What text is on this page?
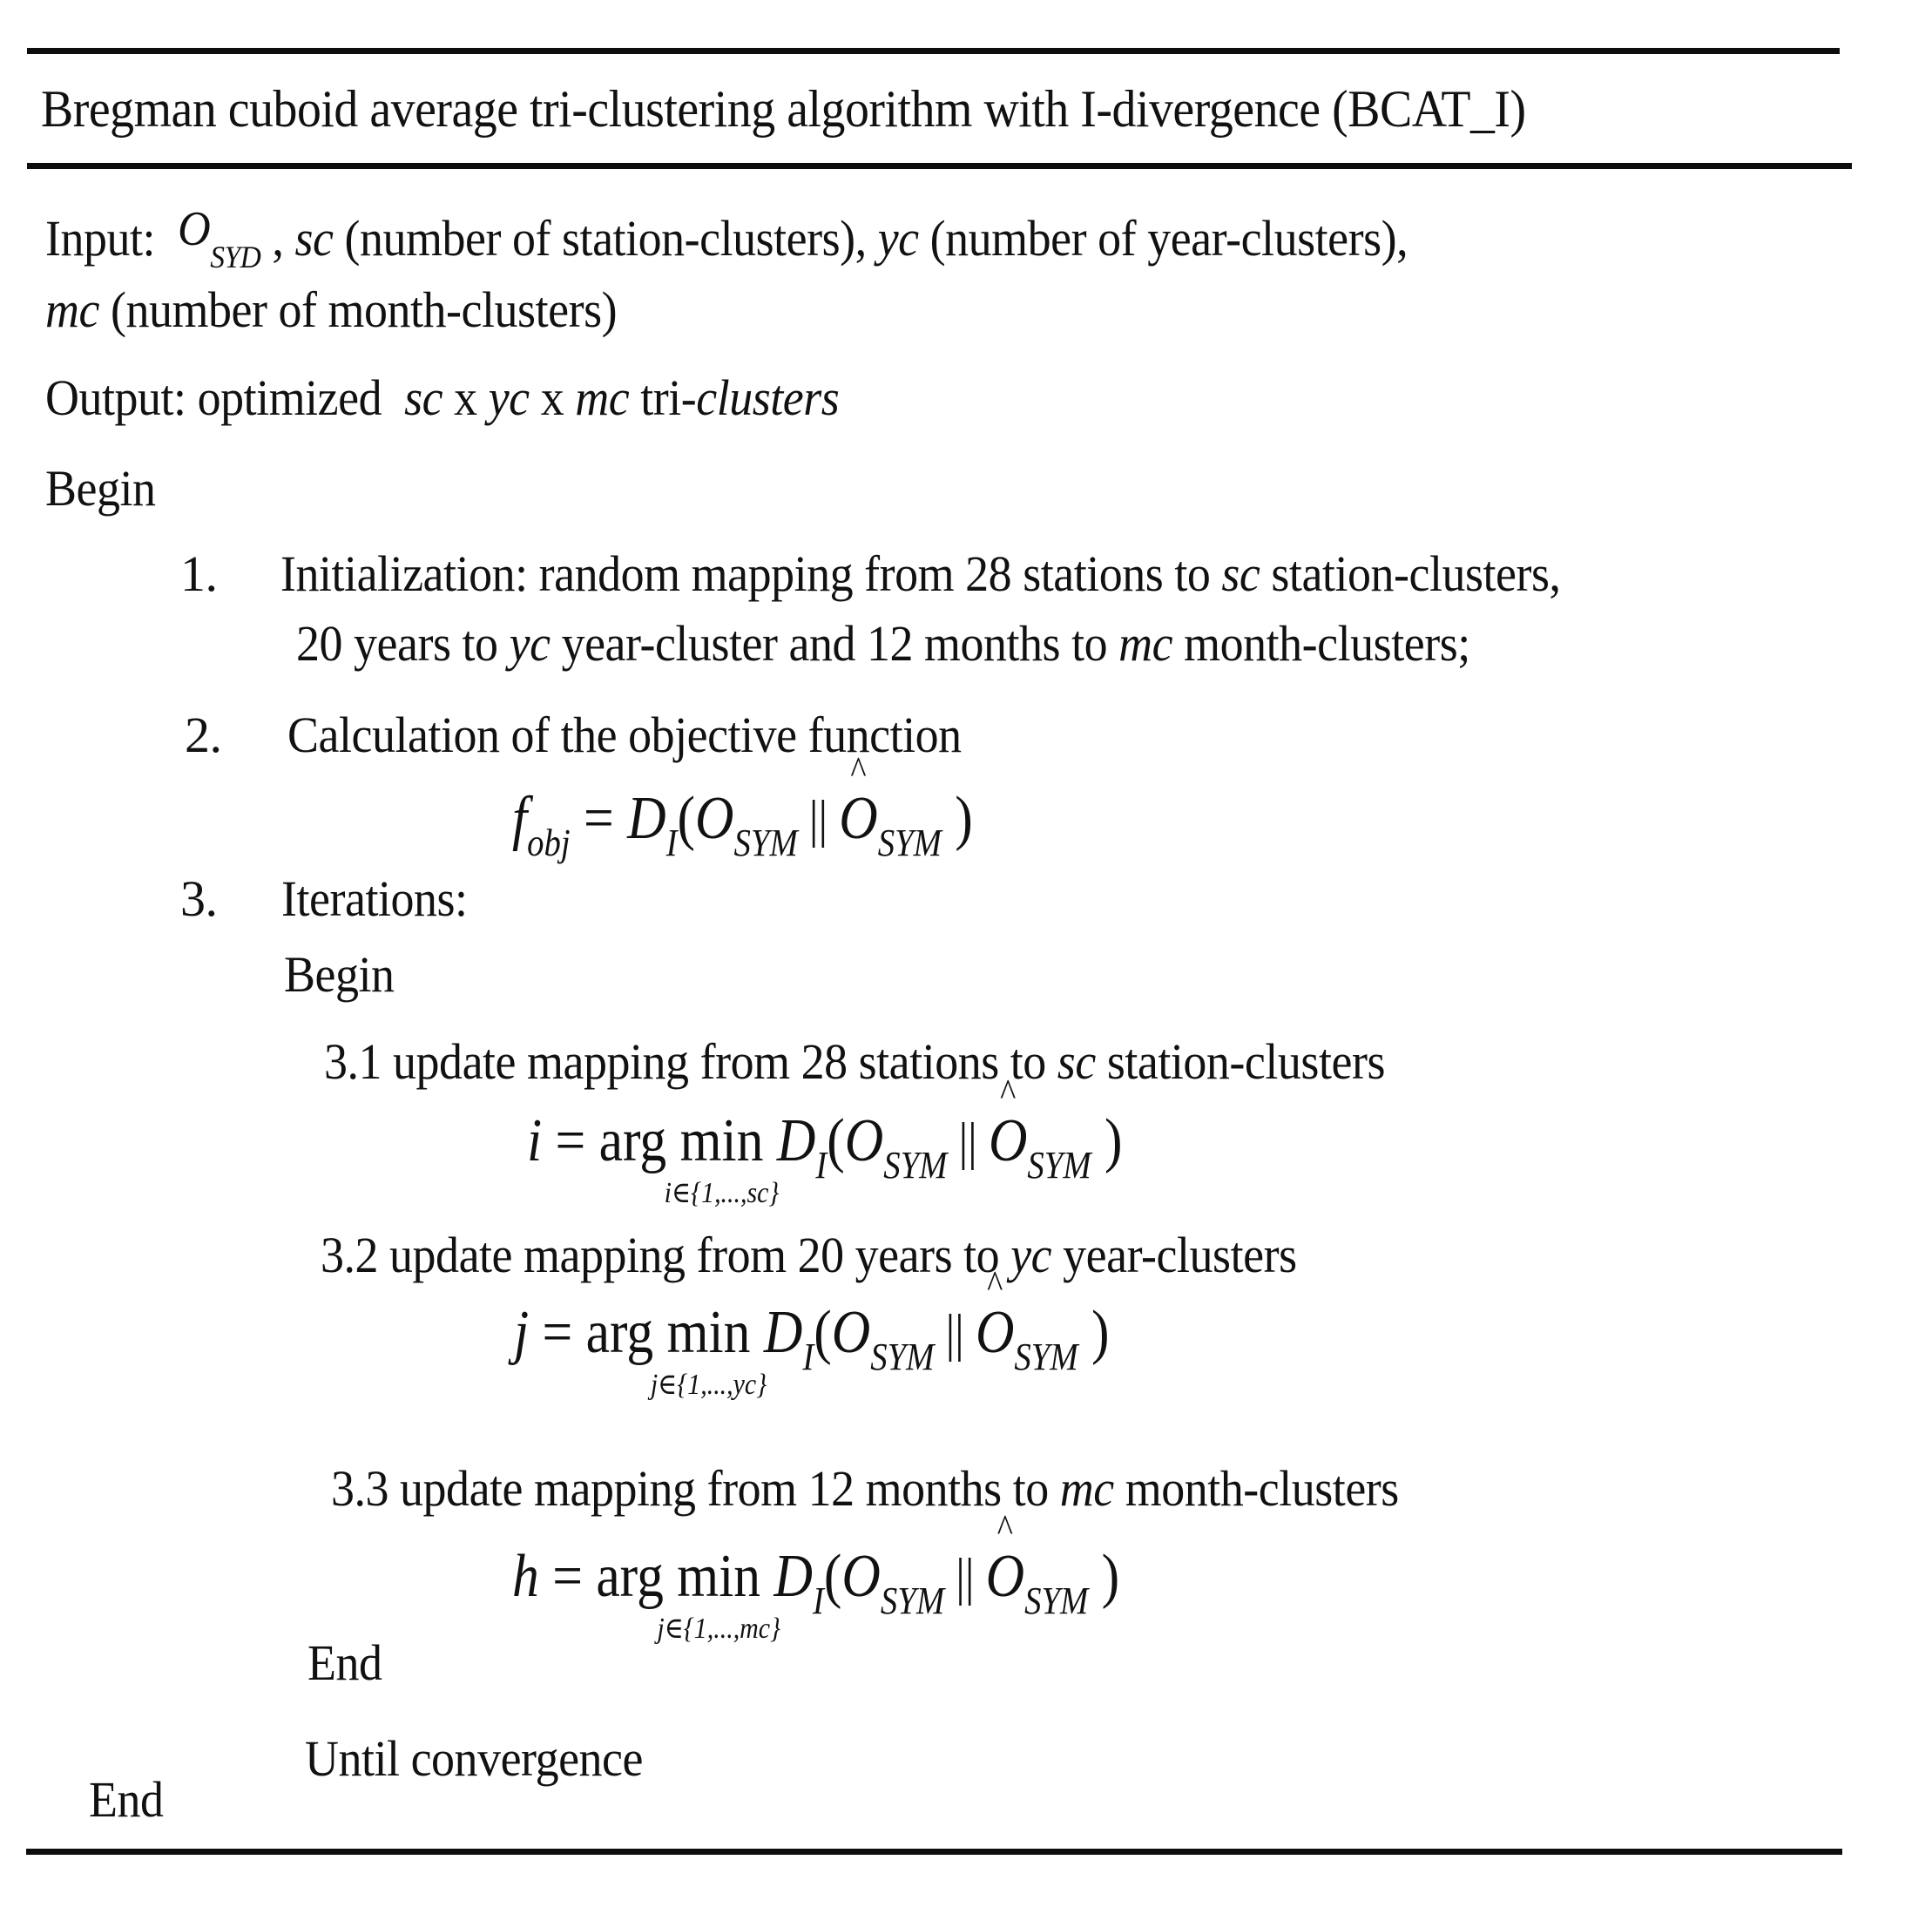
Bregman cuboid average tri-clustering algorithm with I-divergence (BCAT_I)
Input: $O_{SYD}$ , sc (number of station-clusters), yc (number of year-clusters),
mc (number of month-clusters)
Output: optimized  sc x yc x mc tri-clusters
Begin
1. Initialization: random mapping from 28 stations to sc station-clusters,
20 years to yc year-cluster and 12 months to mc month-clusters;
2. Calculation of the objective function
$f_{obj} = D_I(O_{SYM}$ || ^ $O_{SYM}$ )
3. Iterations:
Begin
3.1 update mapping from 28 stations to sc station-clusters
i = arg min
i∈{1,...,sc}
$D_I(O_{SYM}$ || ^ $O_{SYM}$ )
3.2 update mapping from 20 years to yc year-clusters
j = arg min
j∈{1,...,yc}
$D_I(O_{SYM}$ || ^ $O_{SYM}$ )
3.3 update mapping from 12 months to mc month-clusters
h = arg min
j∈{1,...,mc}
$D_I(O_{SYM}$ || ^ $O_{SYM}$ )
End
Until convergence
End
